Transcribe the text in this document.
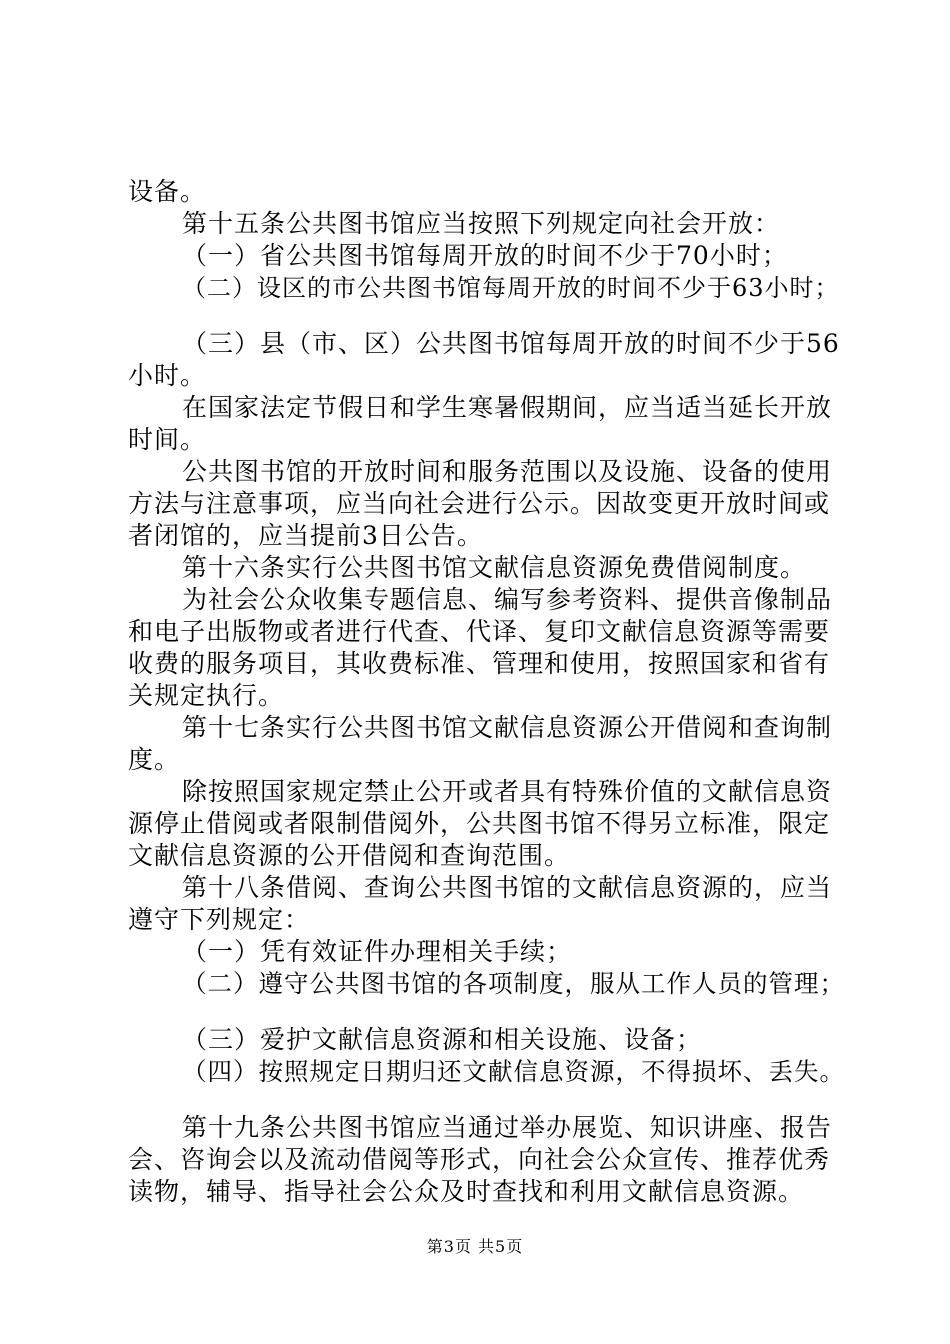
设备。
第十五条公共图书馆应当按照下列规定向社会开放：
（一）省公共图书馆每周开放的时间不少于70小时；
（二）设区的市公共图书馆每周开放的时间不少于63小时；
（三）县（市、区）公共图书馆每周开放的时间不少于56
小时。
在国家法定节假日和学生寒暑假期间，应当适当延长开放
时间。
公共图书馆的开放时间和服务范围以及设施、设备的使用
方法与注意事项，应当向社会进行公示。因故变更开放时间或
者闭馆的，应当提前3日公告。
第十六条实行公共图书馆文献信息资源免费借阅制度。
为社会公众收集专题信息、编写参考资料、提供音像制品
和电子出版物或者进行代查、代译、复印文献信息资源等需要
收费的服务项目，其收费标准、管理和使用，按照国家和省有
关规定执行。
第十七条实行公共图书馆文献信息资源公开借阅和查询制
度。
除按照国家规定禁止公开或者具有特殊价值的文献信息资
源停止借阅或者限制借阅外，公共图书馆不得另立标准，限定
文献信息资源的公开借阅和查询范围。
第十八条借阅、查询公共图书馆的文献信息资源的，应当
遵守下列规定：
（一）凭有效证件办理相关手续；
（二）遵守公共图书馆的各项制度，服从工作人员的管理；
（三）爱护文献信息资源和相关设施、设备；
（四）按照规定日期归还文献信息资源，不得损坏、丢失。
第十九条公共图书馆应当通过举办展览、知识讲座、报告
会、咨询会以及流动借阅等形式，向社会公众宣传、推荐优秀
读物，辅导、指导社会公众及时查找和利用文献信息资源。
第3页 共5页
